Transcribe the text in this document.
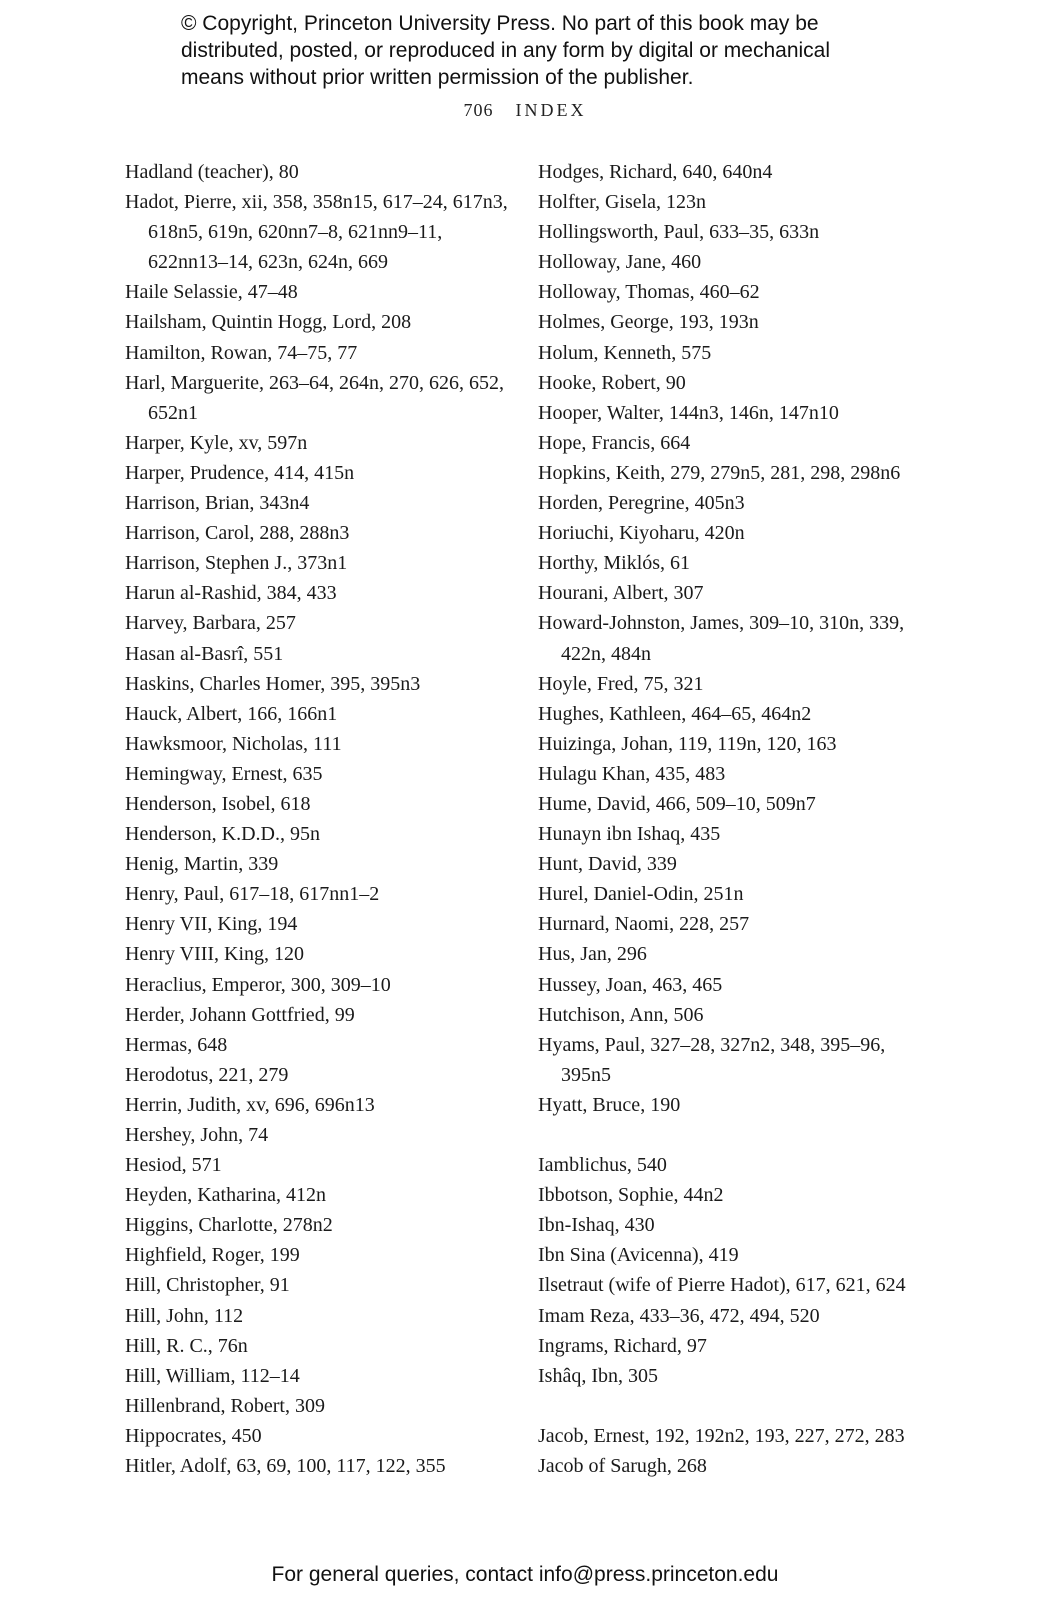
© Copyright, Princeton University Press. No part of this book may be
distributed, posted, or reproduced in any form by digital or mechanical
means without prior written permission of the publisher.
706 INDEX
Hadland (teacher), 80
Hadot, Pierre, xii, 358, 358n15, 617–24, 617n3, 618n5, 619n, 620nn7–8, 621nn9–11, 622nn13–14, 623n, 624n, 669
Haile Selassie, 47–48
Hailsham, Quintin Hogg, Lord, 208
Hamilton, Rowan, 74–75, 77
Harl, Marguerite, 263–64, 264n, 270, 626, 652, 652n1
Harper, Kyle, xv, 597n
Harper, Prudence, 414, 415n
Harrison, Brian, 343n4
Harrison, Carol, 288, 288n3
Harrison, Stephen J., 373n1
Harun al-Rashid, 384, 433
Harvey, Barbara, 257
Hasan al-Basrî, 551
Haskins, Charles Homer, 395, 395n3
Hauck, Albert, 166, 166n1
Hawksmoor, Nicholas, 111
Hemingway, Ernest, 635
Henderson, Isobel, 618
Henderson, K.D.D., 95n
Henig, Martin, 339
Henry, Paul, 617–18, 617nn1–2
Henry VII, King, 194
Henry VIII, King, 120
Heraclius, Emperor, 300, 309–10
Herder, Johann Gottfried, 99
Hermas, 648
Herodotus, 221, 279
Herrin, Judith, xv, 696, 696n13
Hershey, John, 74
Hesiod, 571
Heyden, Katharina, 412n
Higgins, Charlotte, 278n2
Highfield, Roger, 199
Hill, Christopher, 91
Hill, John, 112
Hill, R. C., 76n
Hill, William, 112–14
Hillenbrand, Robert, 309
Hippocrates, 450
Hitler, Adolf, 63, 69, 100, 117, 122, 355
Hodges, Richard, 640, 640n4
Holfter, Gisela, 123n
Hollingsworth, Paul, 633–35, 633n
Holloway, Jane, 460
Holloway, Thomas, 460–62
Holmes, George, 193, 193n
Holum, Kenneth, 575
Hooke, Robert, 90
Hooper, Walter, 144n3, 146n, 147n10
Hope, Francis, 664
Hopkins, Keith, 279, 279n5, 281, 298, 298n6
Horden, Peregrine, 405n3
Horiuchi, Kiyoharu, 420n
Horthy, Miklós, 61
Hourani, Albert, 307
Howard-Johnston, James, 309–10, 310n, 339, 422n, 484n
Hoyle, Fred, 75, 321
Hughes, Kathleen, 464–65, 464n2
Huizinga, Johan, 119, 119n, 120, 163
Hulagu Khan, 435, 483
Hume, David, 466, 509–10, 509n7
Hunayn ibn Ishaq, 435
Hunt, David, 339
Hurel, Daniel-Odin, 251n
Hurnard, Naomi, 228, 257
Hus, Jan, 296
Hussey, Joan, 463, 465
Hutchison, Ann, 506
Hyams, Paul, 327–28, 327n2, 348, 395–96, 395n5
Hyatt, Bruce, 190
Iamblichus, 540
Ibbotson, Sophie, 44n2
Ibn-Ishaq, 430
Ibn Sina (Avicenna), 419
Ilsetraut (wife of Pierre Hadot), 617, 621, 624
Imam Reza, 433–36, 472, 494, 520
Ingrams, Richard, 97
Ishâq, Ibn, 305
Jacob, Ernest, 192, 192n2, 193, 227, 272, 283
Jacob of Sarugh, 268
For general queries, contact info@press.princeton.edu
